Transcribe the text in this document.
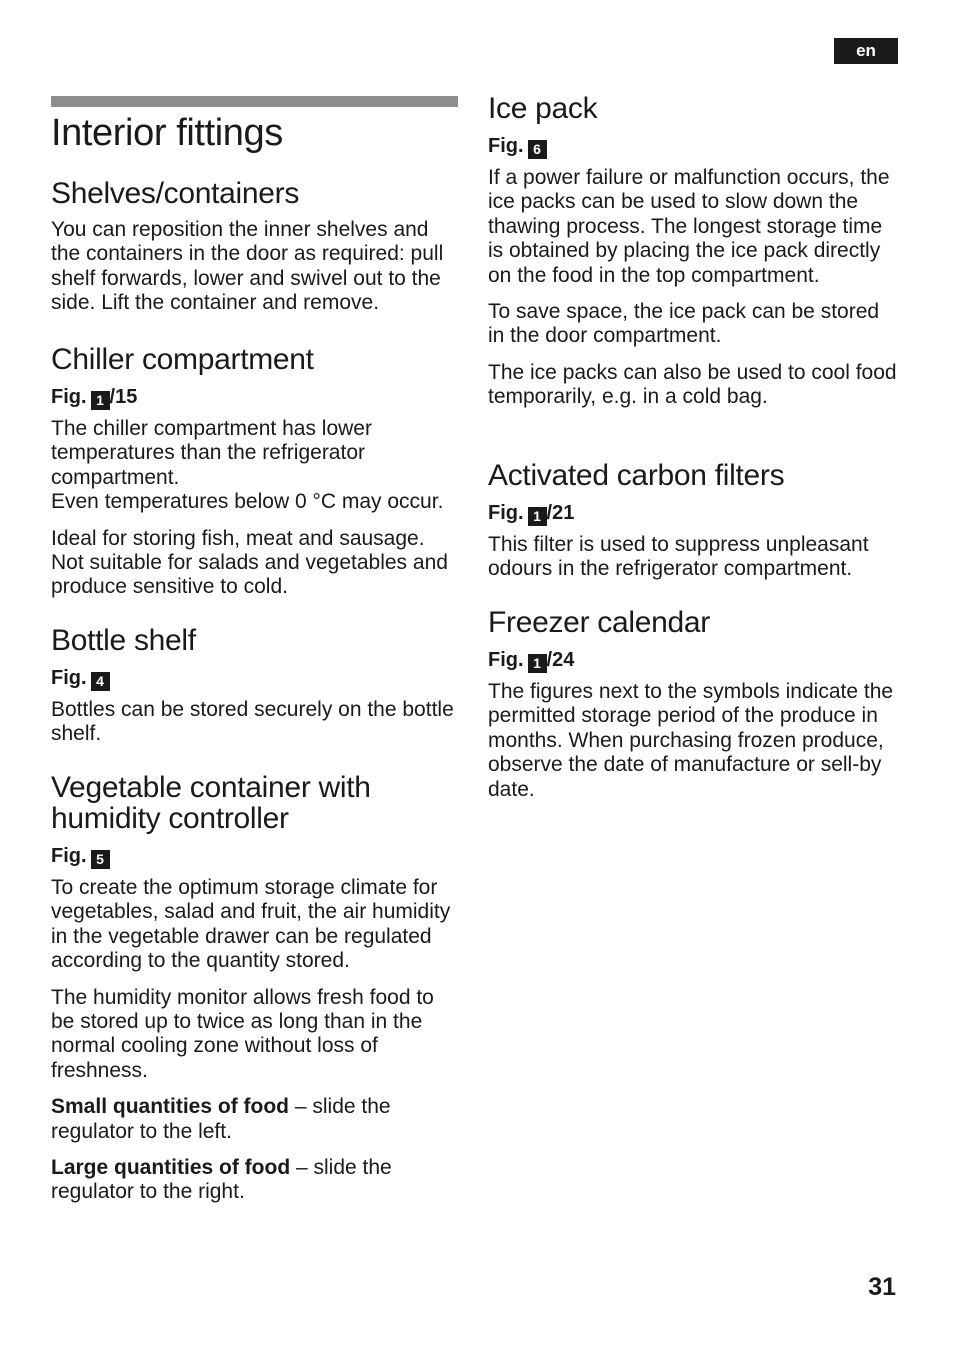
en
Interior fittings
Shelves/containers

You can reposition the inner shelves and the containers in the door as required: pull shelf forwards, lower and swivel out to the side. Lift the container and remove.

Chiller compartment
Fig. 1 /15

The chiller compartment has lower temperatures than the refrigerator compartment.

Even temperatures below 0 °C may occur.

Ideal for storing fish, meat and sausage. Not suitable for salads and vegetables and produce sensitive to cold.

Bottle shelf
Fig. 4

Bottles can be stored securely on the bottle shelf.

Vegetable container with
humidity controller
Fig. 5

To create the optimum storage climate for vegetables, salad and fruit, the air humidity in the vegetable drawer can be regulated according to the quantity stored.

The humidity monitor allows fresh food to be stored up to twice as long than in the normal cooling zone without loss of freshness.

Small quantities of food – slide the regulator to the left.

Large quantities of food – slide the regulator to the right.

Ice pack
Fig. 6

If a power failure or malfunction occurs, the ice packs can be used to slow down the thawing process. The longest storage time is obtained by placing the ice pack directly on the food in the top compartment.

To save space, the ice pack can be stored in the door compartment.

The ice packs can also be used to cool food temporarily, e.g. in a cold bag.

Activated carbon filters
Fig. 1 /21

This filter is used to suppress unpleasant odours in the refrigerator compartment.

Freezer calendar
Fig. 1 /24

The figures next to the symbols indicate the permitted storage period of the produce in months. When purchasing frozen produce, observe the date of manufacture or sell-by date.

31
